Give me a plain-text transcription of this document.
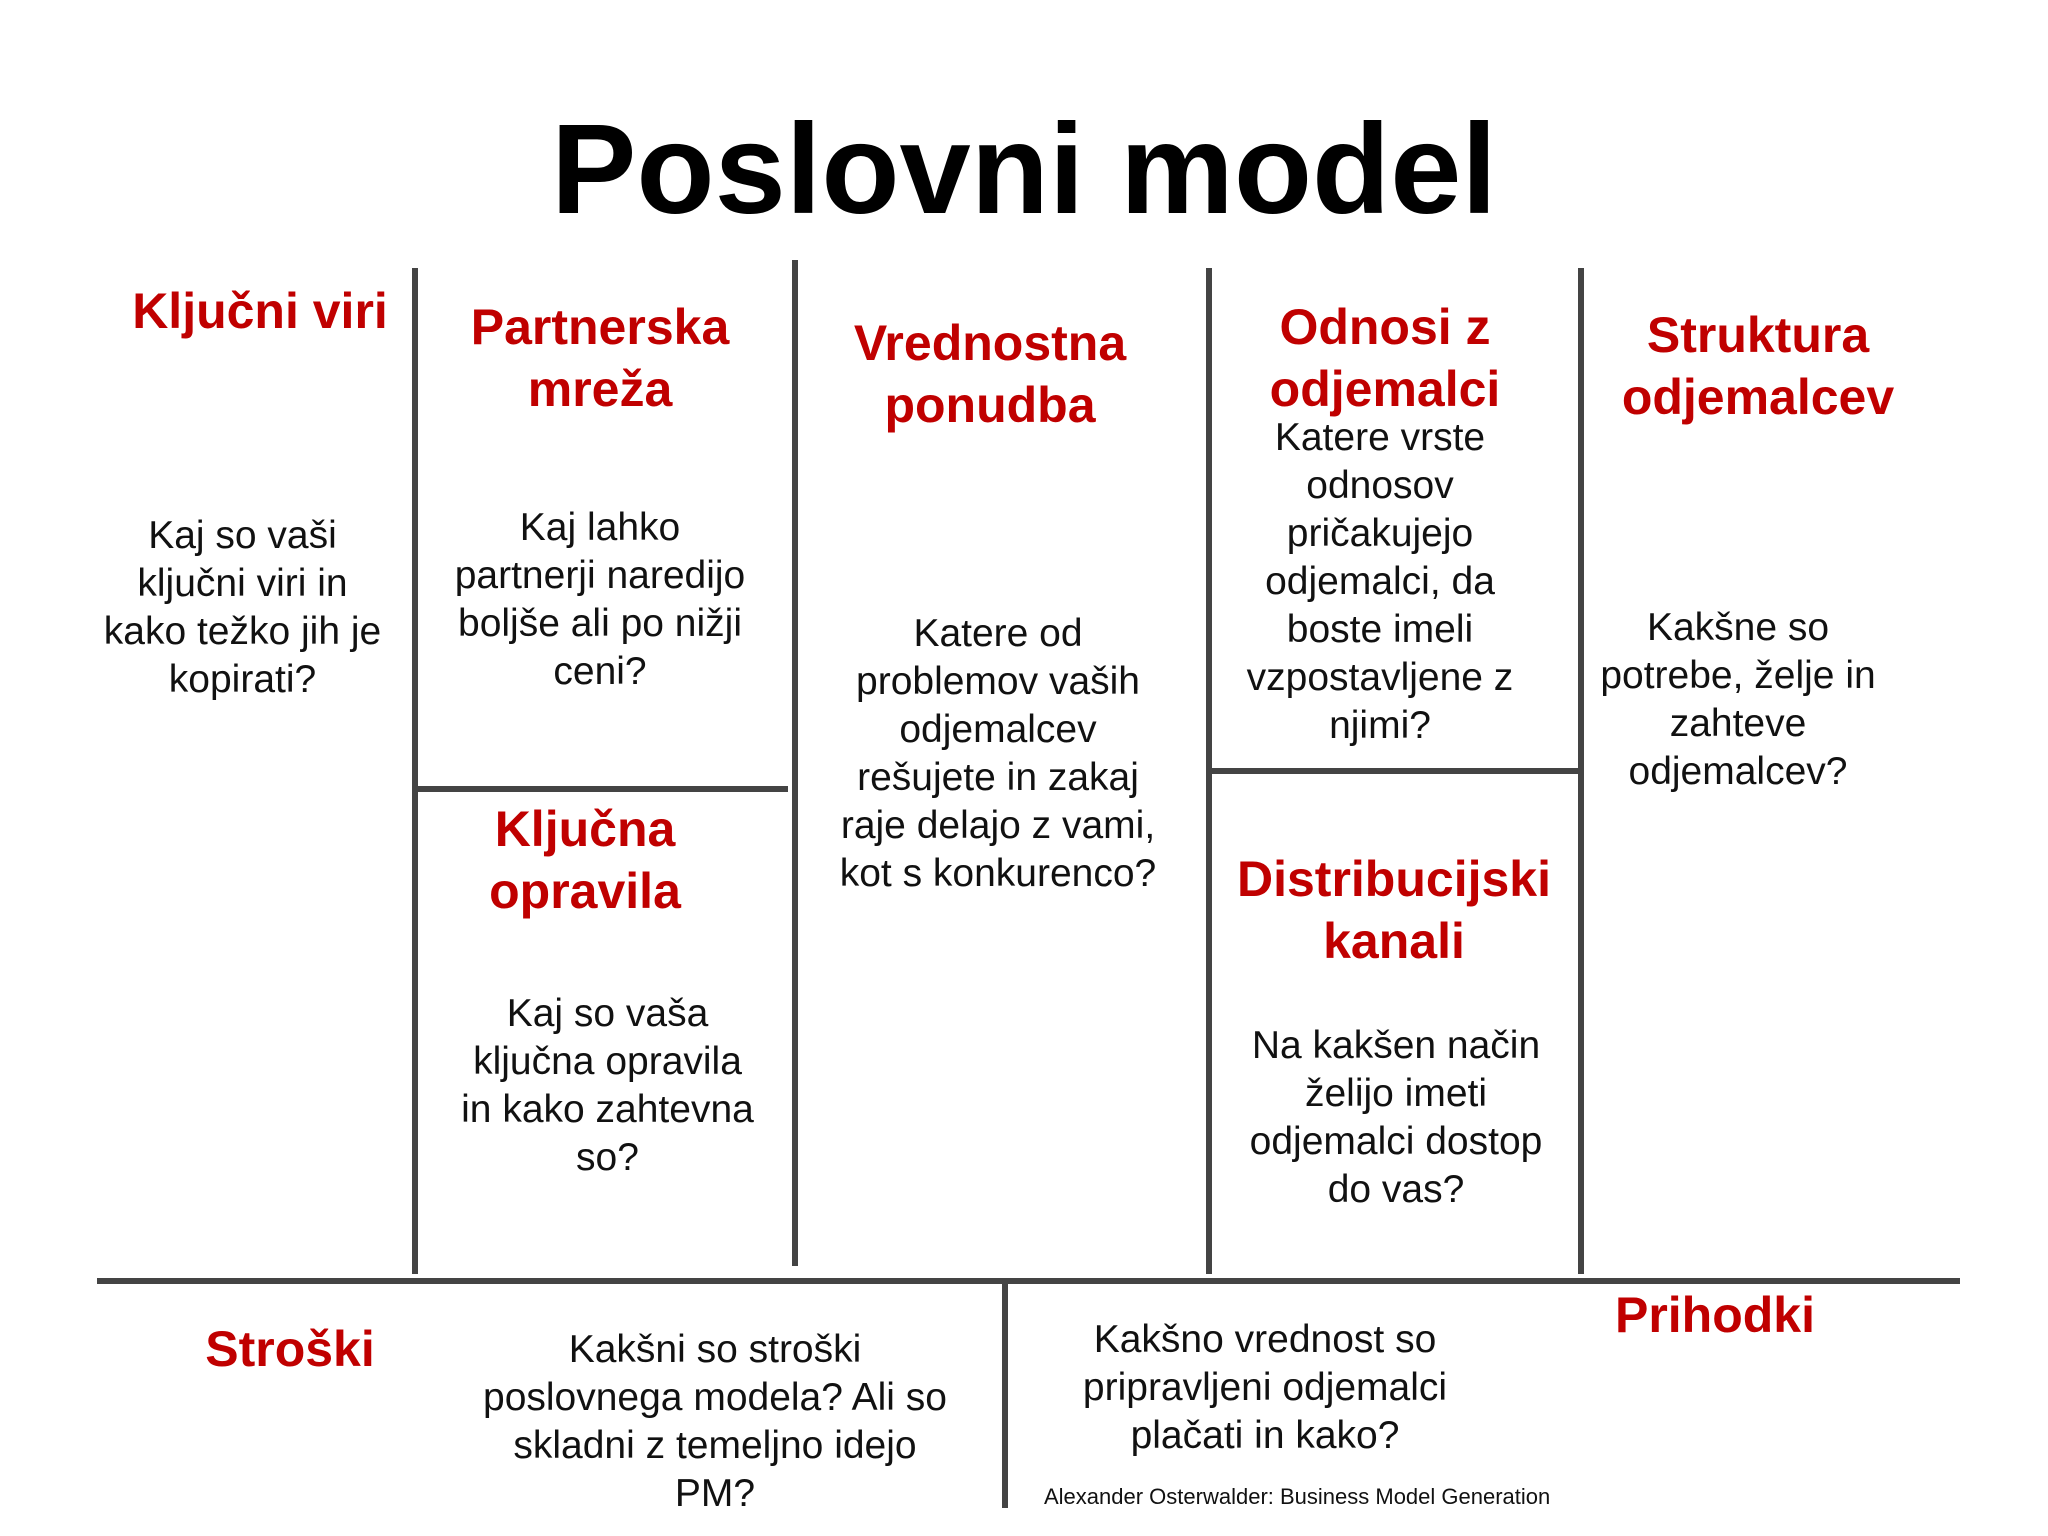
Poslovni model
Ključni viri
Kaj so vaši ključni viri in kako težko jih je kopirati?
Partnerska mreža
Kaj lahko partnerji naredijo boljše ali po nižji ceni?
Ključna opravila
Kaj so vaša ključna opravila in kako zahtevna so?
Vrednostna ponudba
Katere od problemov vaših odjemalcev rešujete in zakaj raje delajo z vami, kot s konkurenco?
Odnosi z odjemalci
Katere vrste odnosov pričakujejo odjemalci, da boste imeli vzpostavljene z njimi?
Distribucijski kanali
Na kakšen način želijo imeti odjemalci dostop do vas?
Struktura odjemalcev
Kakšne so potrebe, želje in zahteve odjemalcev?
Stroški	Kakšni so stroški poslovnega modela? Ali so skladni z temeljno idejo PM?
Prihodki
Kakšno vrednost so pripravljeni odjemalci plačati in kako?
Alexander Osterwalder: Business Model Generation
